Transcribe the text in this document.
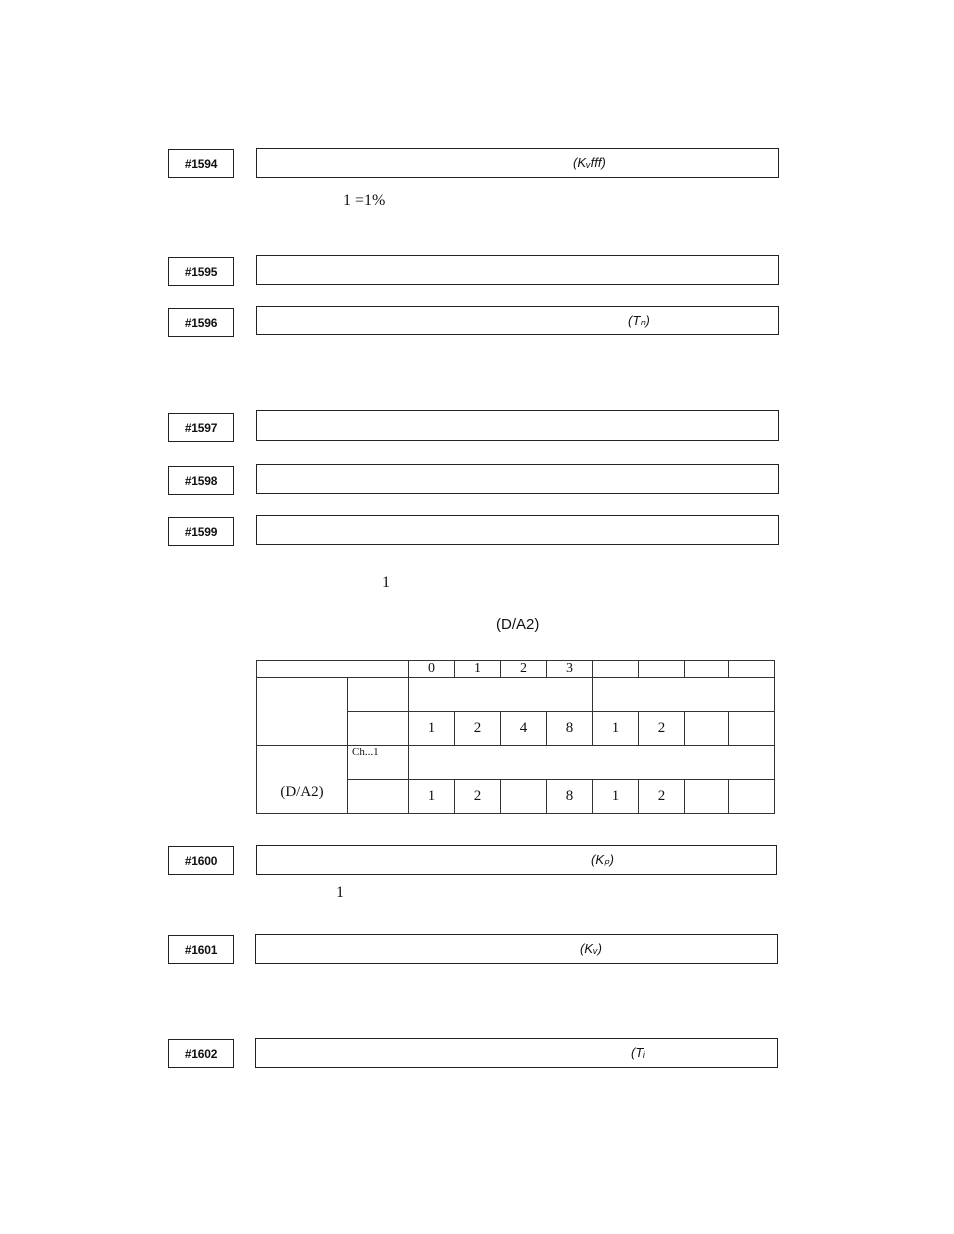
#1594	(Kᵥfff)
1 =1%
#1595
#1596	(Tₙ)
#1597
#1598
#1599
1
(D/A2)
		0	1	2	3				

		1	2	4	8	1	2		
(D/A2)	Ch...1								
		1	2		8	1	2		
#1600	(Kₚ)
1
#1601	(Kᵥ)
#1602	(Tᵢ
